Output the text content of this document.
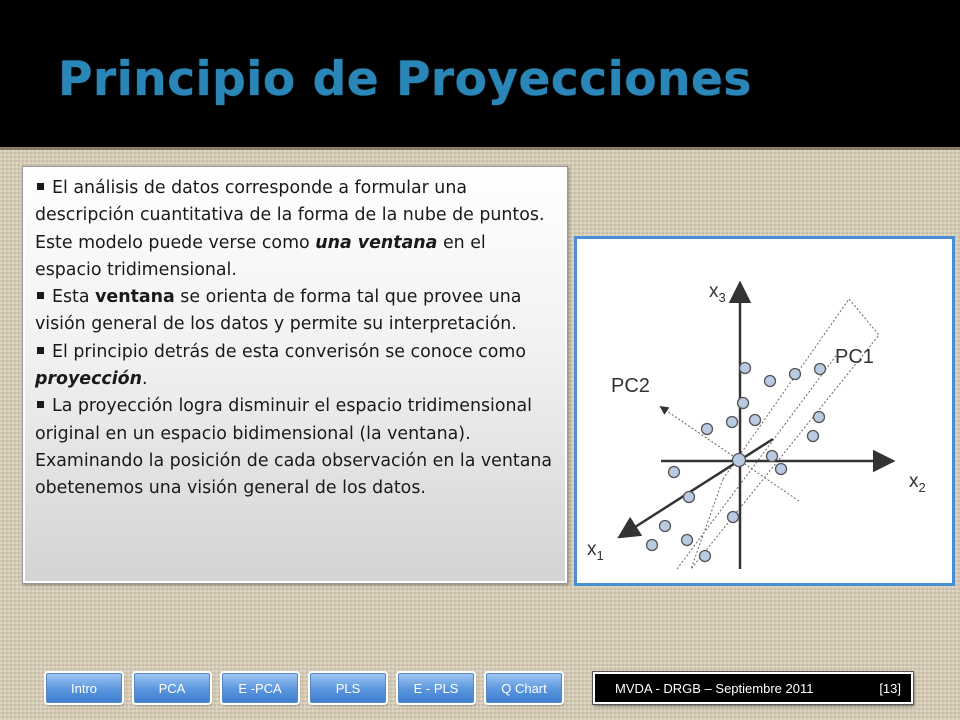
Principio de Proyecciones

El análisis de datos corresponde a formular una descripción cuantitativa de la forma de la nube de puntos. Este modelo puede verse como una ventana en el espacio tridimensional.

Esta ventana se orienta de forma tal que provee una visión general de los datos y permite su interpretación.

El principio detrás de esta converisón se conoce como proyección.

La proyección logra disminuir el espacio tridimensional original en un espacio bidimensional (la ventana). Examinando la posición de cada observación en la ventana obetenemos una visión general de los datos.

$x_3$
$x_2$
$x_1$
PC1
PC2
Intro	PCA	E -PCA	PLS	E - PLS	Q Chart	MVDA - DRGB – Septiembre 2011	[13]
